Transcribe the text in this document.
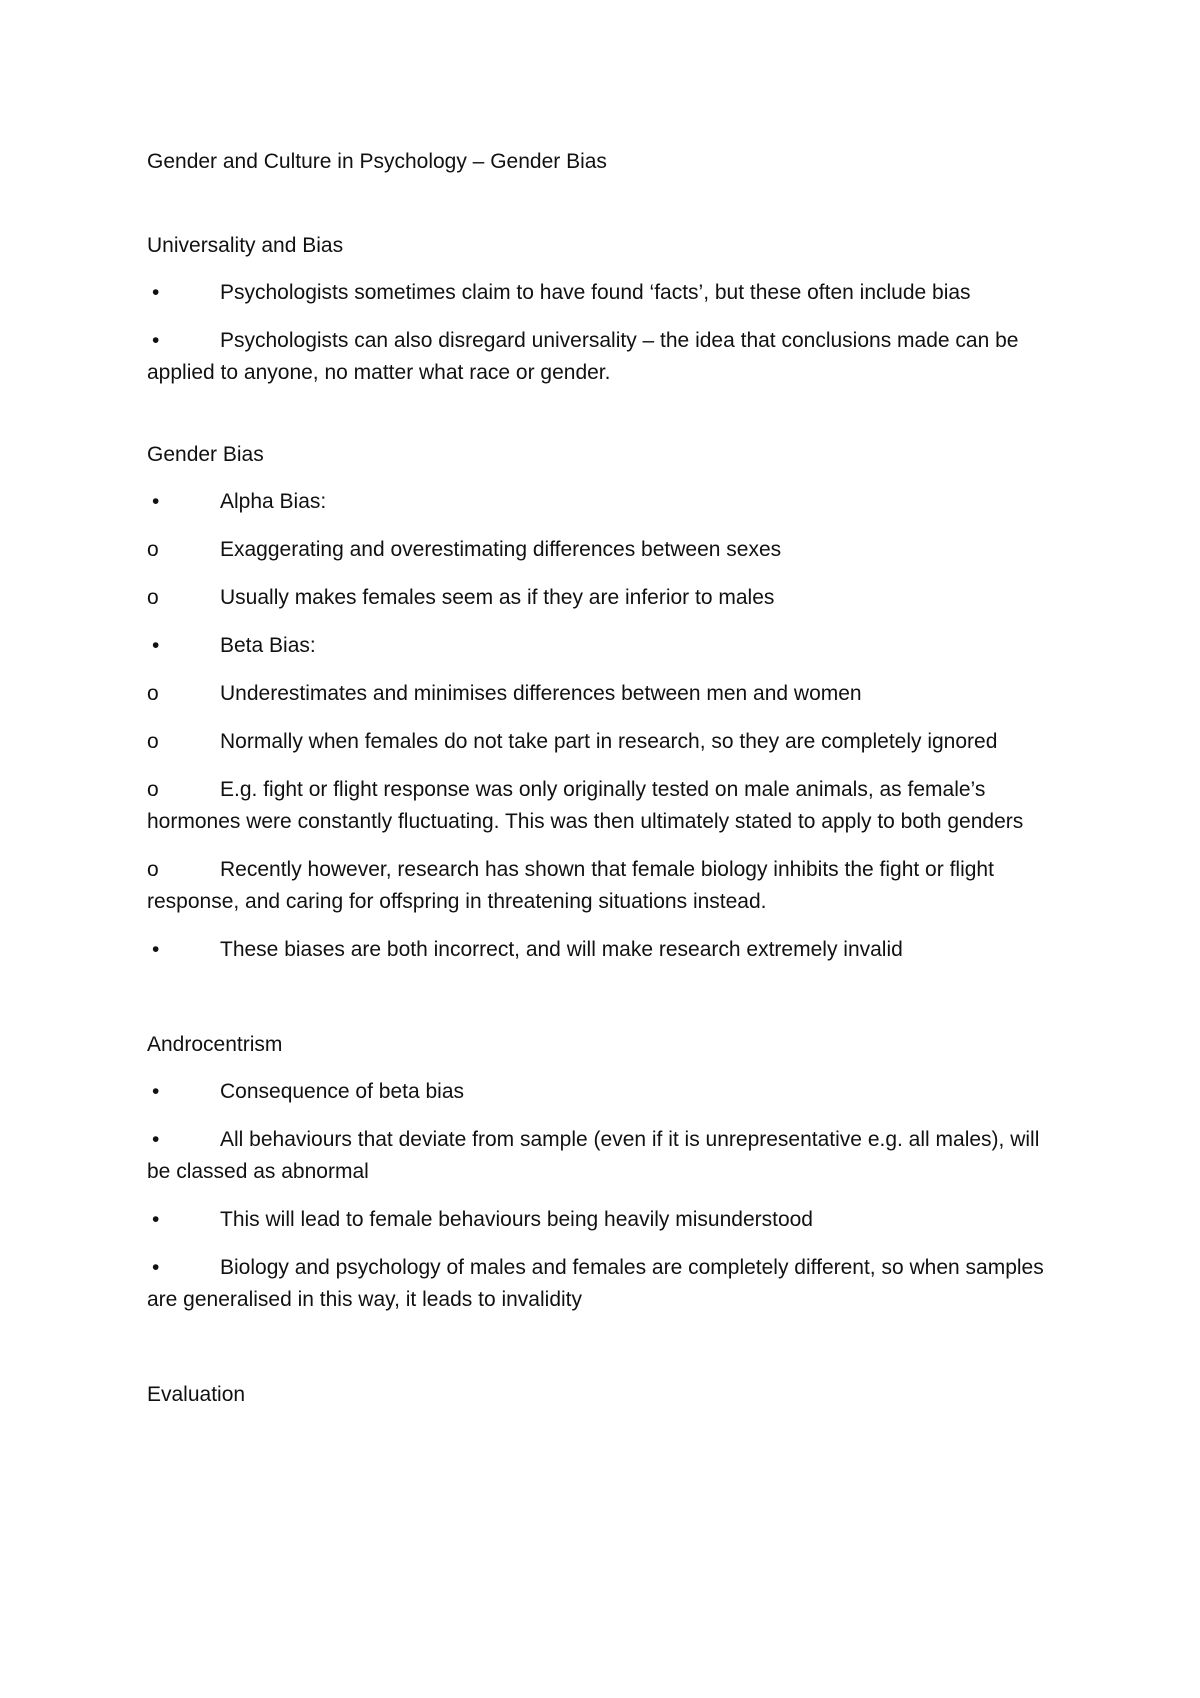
Gender and Culture in Psychology – Gender Bias

Universality and Bias

•	Psychologists sometimes claim to have found ‘facts’, but these often include bias

•	Psychologists can also disregard universality – the idea that conclusions made can be applied to anyone, no matter what race or gender.

Gender Bias

•	Alpha Bias:

o	Exaggerating and overestimating differences between sexes

o	Usually makes females seem as if they are inferior to males

•	Beta Bias:

o	Underestimates and minimises differences between men and women

o	Normally when females do not take part in research, so they are completely ignored

o	E.g. fight or flight response was only originally tested on male animals, as female’s hormones were constantly fluctuating. This was then ultimately stated to apply to both genders

o	Recently however, research has shown that female biology inhibits the fight or flight response, and caring for offspring in threatening situations instead.

•	These biases are both incorrect, and will make research extremely invalid

Androcentrism

•	Consequence of beta bias

•	All behaviours that deviate from sample (even if it is unrepresentative e.g. all males), will be classed as abnormal

•	This will lead to female behaviours being heavily misunderstood

•	Biology and psychology of males and females are completely different, so when samples are generalised in this way, it leads to invalidity

Evaluation
